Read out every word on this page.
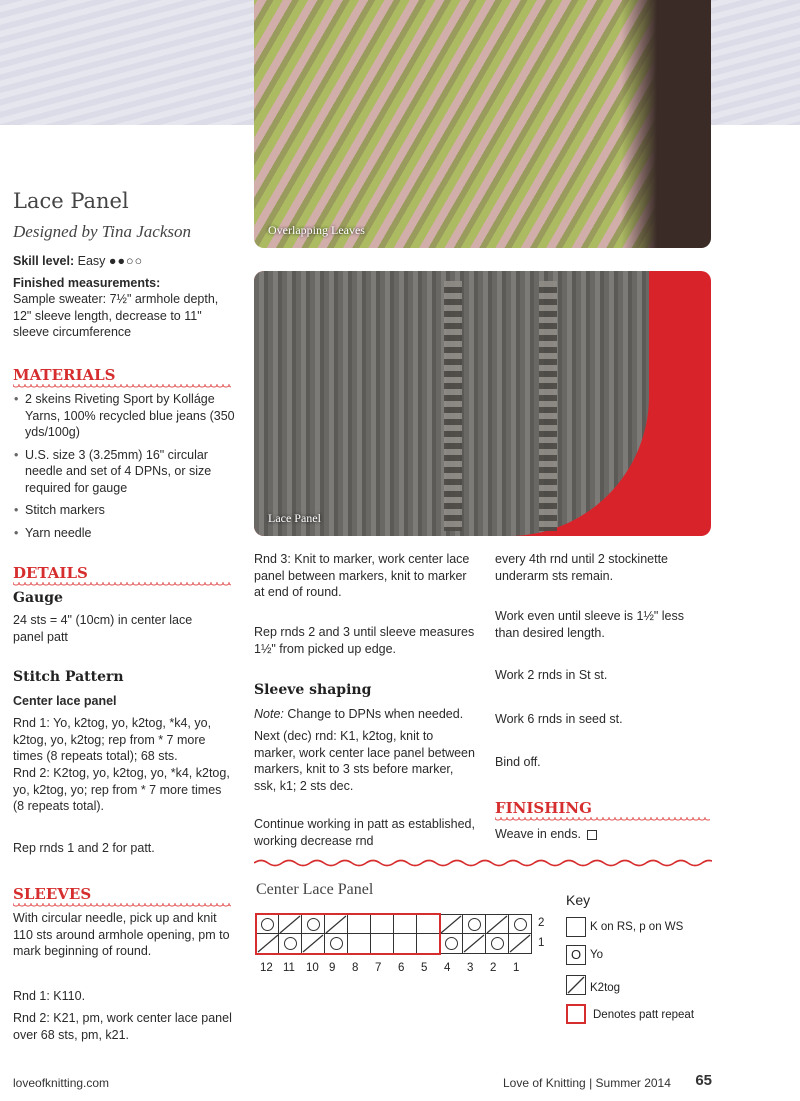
Overlapping Leaves
Lace Panel
Lace Panel
Designed by Tina Jackson
Skill level: Easy ●●○○
Finished measurements:
Sample sweater: 7½" armhole depth, 12" sleeve length, decrease to 11" sleeve circumference
MATERIALS
• 2 skeins Riveting Sport by Kolláge Yarns, 100% recycled blue jeans (350 yds/100g)
• U.S. size 3 (3.25mm) 16" circular needle and set of 4 DPNs, or size required for gauge
• Stitch markers
• Yarn needle
DETAILS
Gauge
24 sts = 4" (10cm) in center lace panel patt
Stitch Pattern
Center lace panel
Rnd 1: Yo, k2tog, yo, k2tog, *k4, yo, k2tog, yo, k2tog; rep from * 7 more times (8 repeats total); 68 sts.
Rnd 2: K2tog, yo, k2tog, yo, *k4, k2tog, yo, k2tog, yo; rep from * 7 more times (8 repeats total).
Rep rnds 1 and 2 for patt.
SLEEVES
With circular needle, pick up and knit 110 sts around armhole opening, pm to mark beginning of round.
Rnd 1: K110.
Rnd 2: K21, pm, work center lace panel over 68 sts, pm, k21.
Rnd 3: Knit to marker, work center lace panel between markers, knit to marker at end of round.
Rep rnds 2 and 3 until sleeve measures 1½" from picked up edge.
Sleeve shaping
Note: Change to DPNs when needed.
Next (dec) rnd: K1, k2tog, knit to marker, work center lace panel between markers, knit to 3 sts before marker, ssk, k1; 2 sts dec.
Continue working in patt as established, working decrease rnd
every 4th rnd until 2 stockinette underarm sts remain.
Work even until sleeve is 1½" less than desired length.
Work 2 rnds in St st.
Work 6 rnds in seed st.
Bind off.
FINISHING
Weave in ends.
Center Lace Panel
2
1
12 11 10 9 8 7 6 5 4 3 2 1
Key
K on RS, p on WS
O Yo
K2tog
Denotes patt repeat
loveofknitting.com	Love of Knitting | Summer 2014 65
